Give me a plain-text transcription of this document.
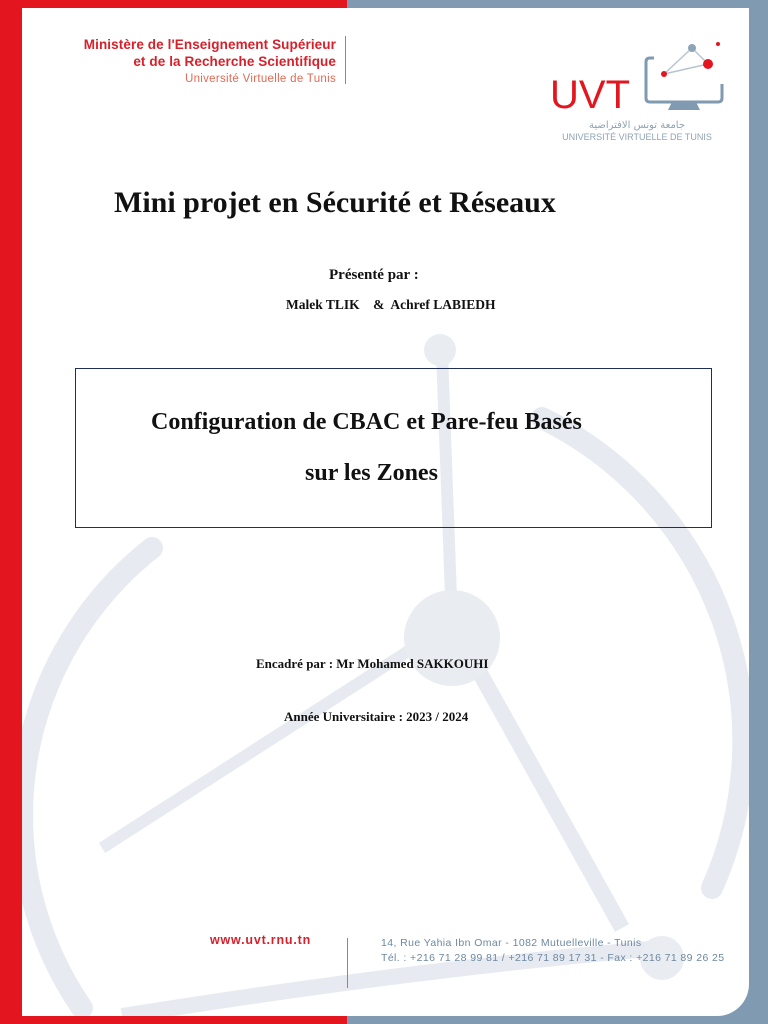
Ministère de l'Enseignement Supérieur
et de la Recherche Scientifique
Université Virtuelle de Tunis	UVT
جامعة تونس الافتراضية
UNIVERSITÉ VIRTUELLE DE TUNIS
Mini projet en Sécurité et Réseaux
Présenté par :
Malek TLIK    &  Achref LABIEDH
Configuration de CBAC et Pare-feu Basés
sur les Zones
Encadré par : Mr Mohamed SAKKOUHI
Année Universitaire : 2023 / 2024
www.uvt.rnu.tn	14, Rue Yahia Ibn Omar - 1082 Mutuelleville - Tunis
Tél. : +216 71 28 99 81 / +216 71 89 17 31 - Fax : +216 71 89 26 25
